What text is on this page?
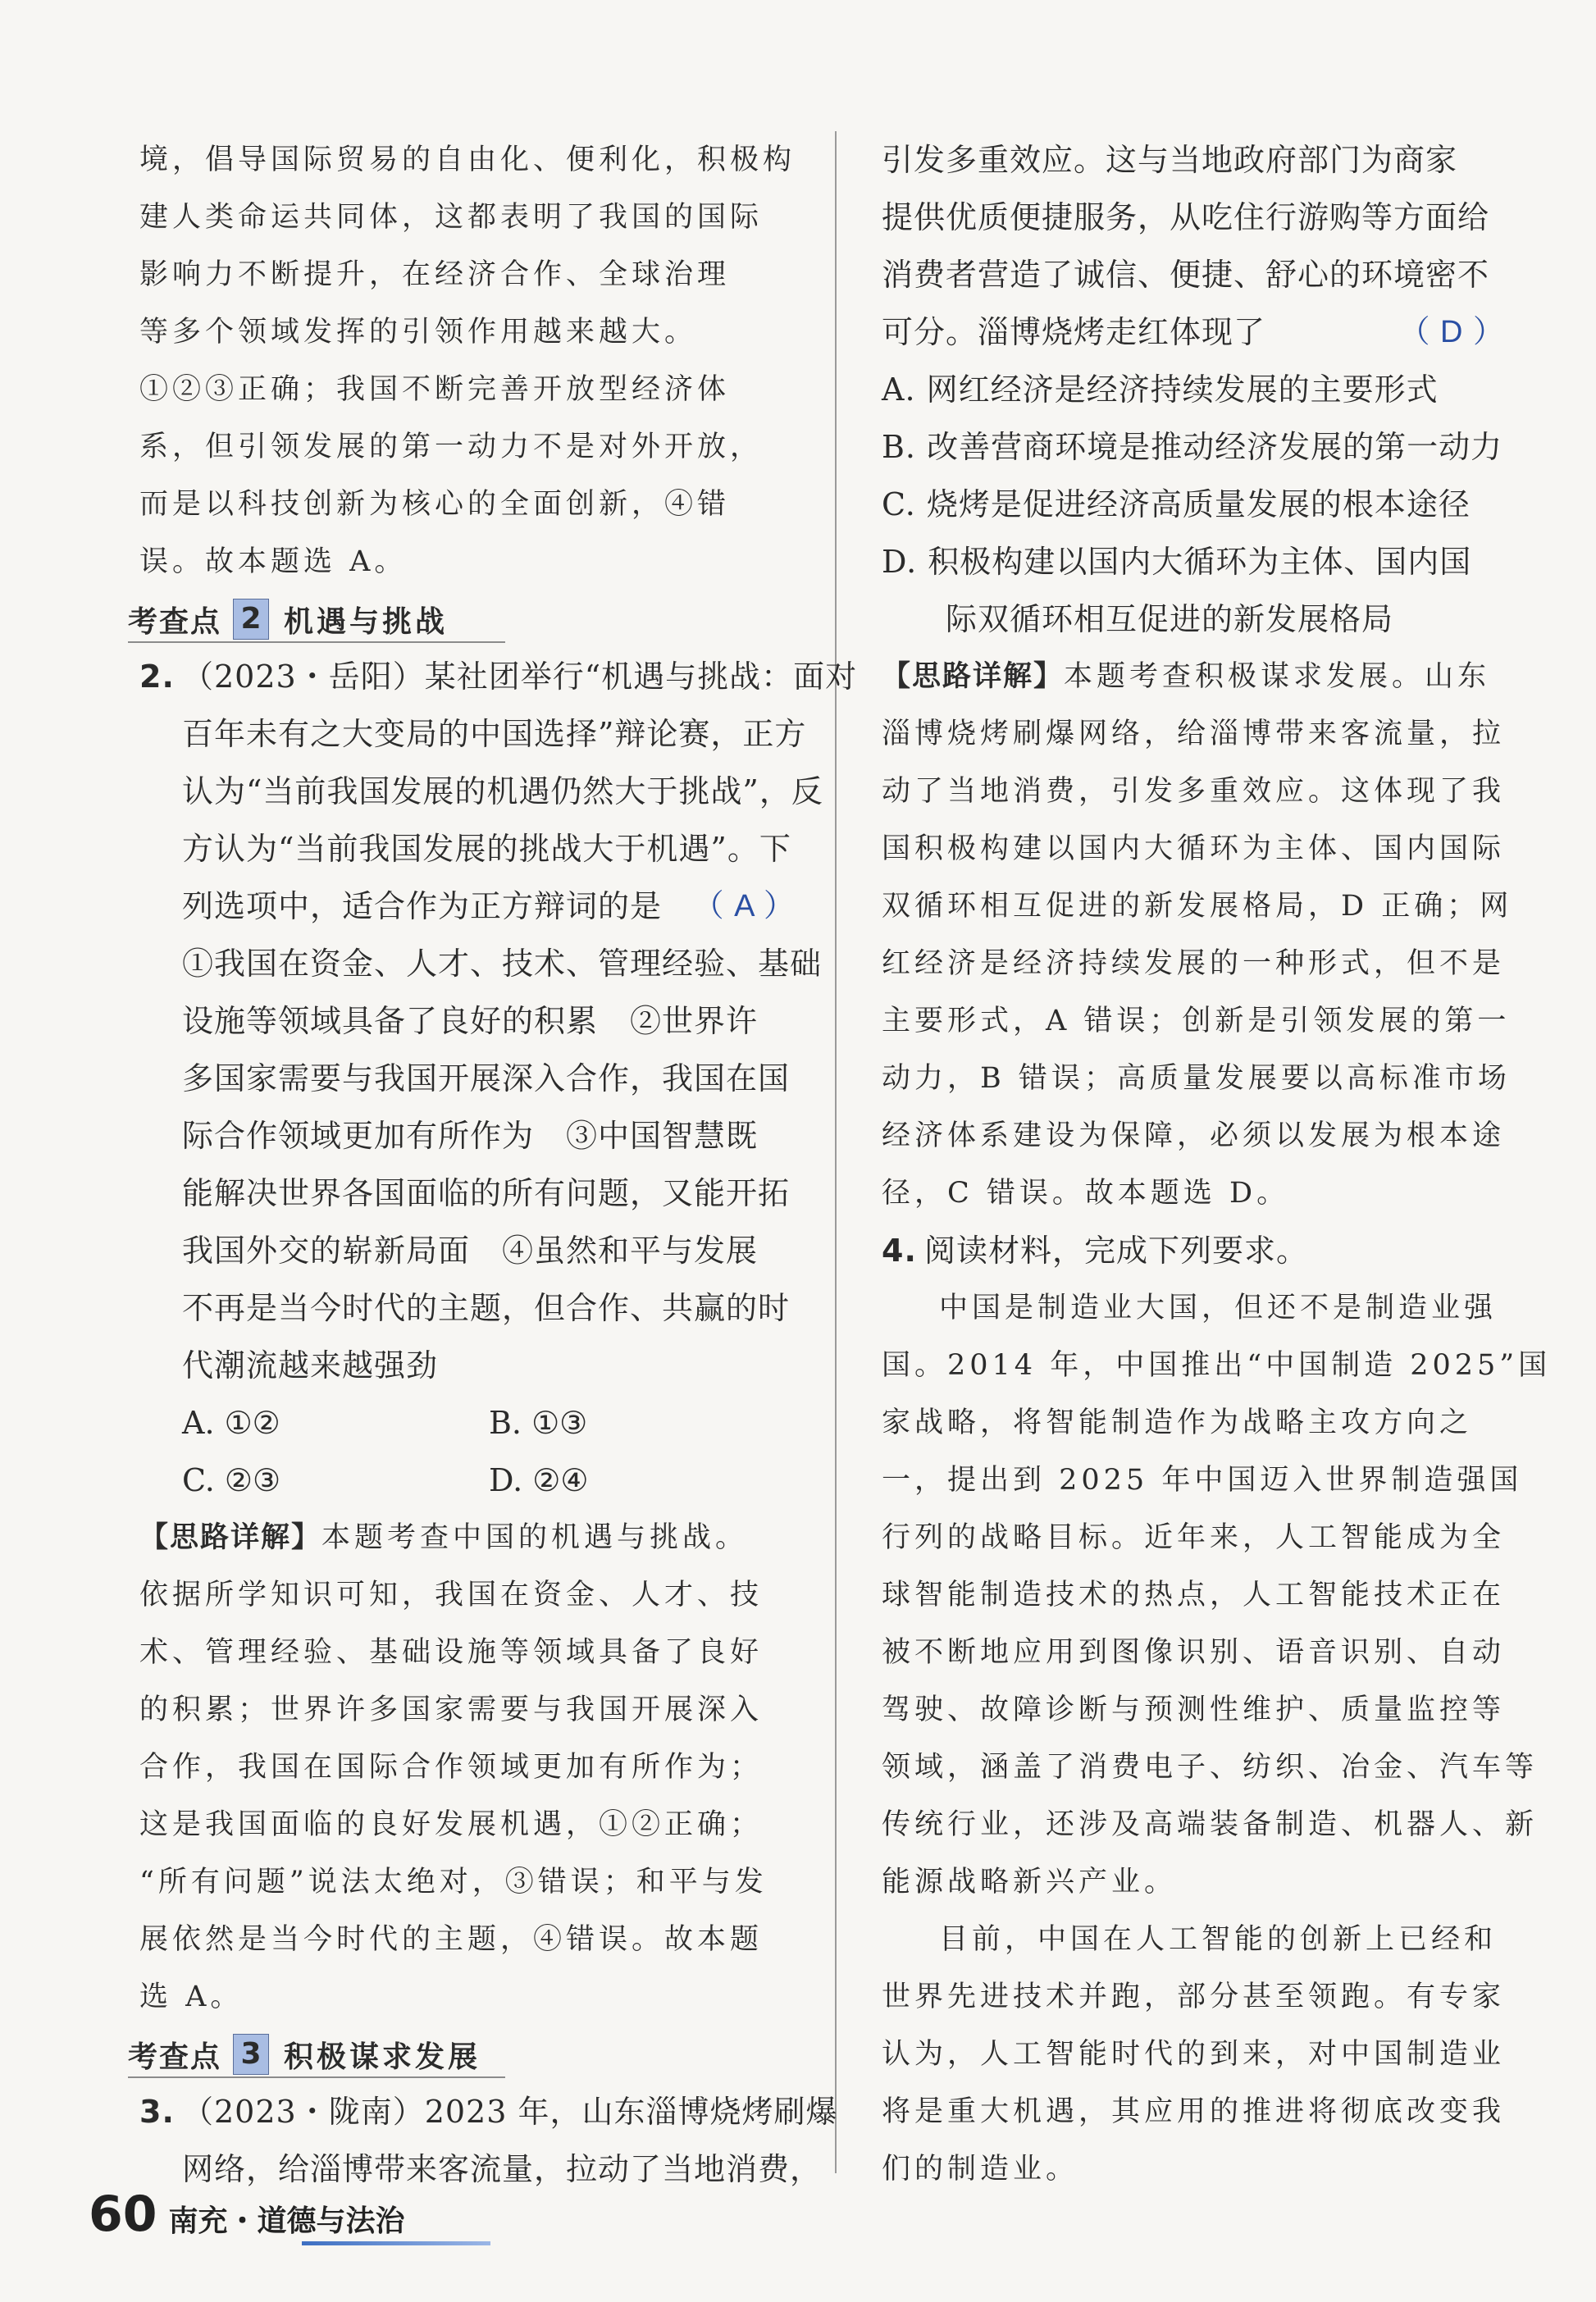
境，倡导国际贸易的自由化、便利化，积极构
建人类命运共同体，这都表明了我国的国际
影响力不断提升，在经济合作、全球治理
等多个领域发挥的引领作用越来越大。
①②③正确；我国不断完善开放型经济体
系，但引领发展的第一动力不是对外开放，
而是以科技创新为核心的全面创新，④错
误。故本题选 A。
考查点 2 机遇与挑战
2. （2023・岳阳）某社团举行“机遇与挑战：面对
百年未有之大变局的中国选择”辩论赛，正方
认为“当前我国发展的机遇仍然大于挑战”，反
方认为“当前我国发展的挑战大于机遇”。下
列选项中，适合作为正方辩词的是 （ A ）
①我国在资金、人才、技术、管理经验、基础
设施等领域具备了良好的积累　②世界许
多国家需要与我国开展深入合作，我国在国
际合作领域更加有所作为　③中国智慧既
能解决世界各国面临的所有问题，又能开拓
我国外交的崭新局面　④虽然和平与发展
不再是当今时代的主题，但合作、共赢的时
代潮流越来越强劲
A. ①②	B. ①③
C. ②③	D. ②④
【思路详解】本题考查中国的机遇与挑战。
依据所学知识可知，我国在资金、人才、技
术、管理经验、基础设施等领域具备了良好
的积累；世界许多国家需要与我国开展深入
合作，我国在国际合作领域更加有所作为；
这是我国面临的良好发展机遇，①②正确；
“所有问题”说法太绝对，③错误；和平与发
展依然是当今时代的主题，④错误。故本题
选 A。
考查点 3 积极谋求发展
3. （2023・陇南）2023 年，山东淄博烧烤刷爆
网络，给淄博带来客流量，拉动了当地消费，
引发多重效应。这与当地政府部门为商家
提供优质便捷服务，从吃住行游购等方面给
消费者营造了诚信、便捷、舒心的环境密不
可分。淄博烧烤走红体现了	（ D ）
A. 网红经济是经济持续发展的主要形式
B. 改善营商环境是推动经济发展的第一动力
C. 烧烤是促进经济高质量发展的根本途径
D. 积极构建以国内大循环为主体、国内国
　　际双循环相互促进的新发展格局
【思路详解】本题考查积极谋求发展。山东
淄博烧烤刷爆网络，给淄博带来客流量，拉
动了当地消费，引发多重效应。这体现了我
国积极构建以国内大循环为主体、国内国际
双循环相互促进的新发展格局，D 正确；网
红经济是经济持续发展的一种形式，但不是
主要形式，A 错误；创新是引领发展的第一
动力，B 错误；高质量发展要以高标准市场
经济体系建设为保障，必须以发展为根本途
径，C 错误。故本题选 D。
4. 阅读材料，完成下列要求。
中国是制造业大国，但还不是制造业强
国。2014 年，中国推出“中国制造 2025”国
家战略，将智能制造作为战略主攻方向之
一，提出到 2025 年中国迈入世界制造强国
行列的战略目标。近年来，人工智能成为全
球智能制造技术的热点，人工智能技术正在
被不断地应用到图像识别、语音识别、自动
驾驶、故障诊断与预测性维护、质量监控等
领域，涵盖了消费电子、纺织、冶金、汽车等
传统行业，还涉及高端装备制造、机器人、新
能源战略新兴产业。
目前，中国在人工智能的创新上已经和
世界先进技术并跑，部分甚至领跑。有专家
认为，人工智能时代的到来，对中国制造业
将是重大机遇，其应用的推进将彻底改变我
们的制造业。
60 南充・道德与法治
